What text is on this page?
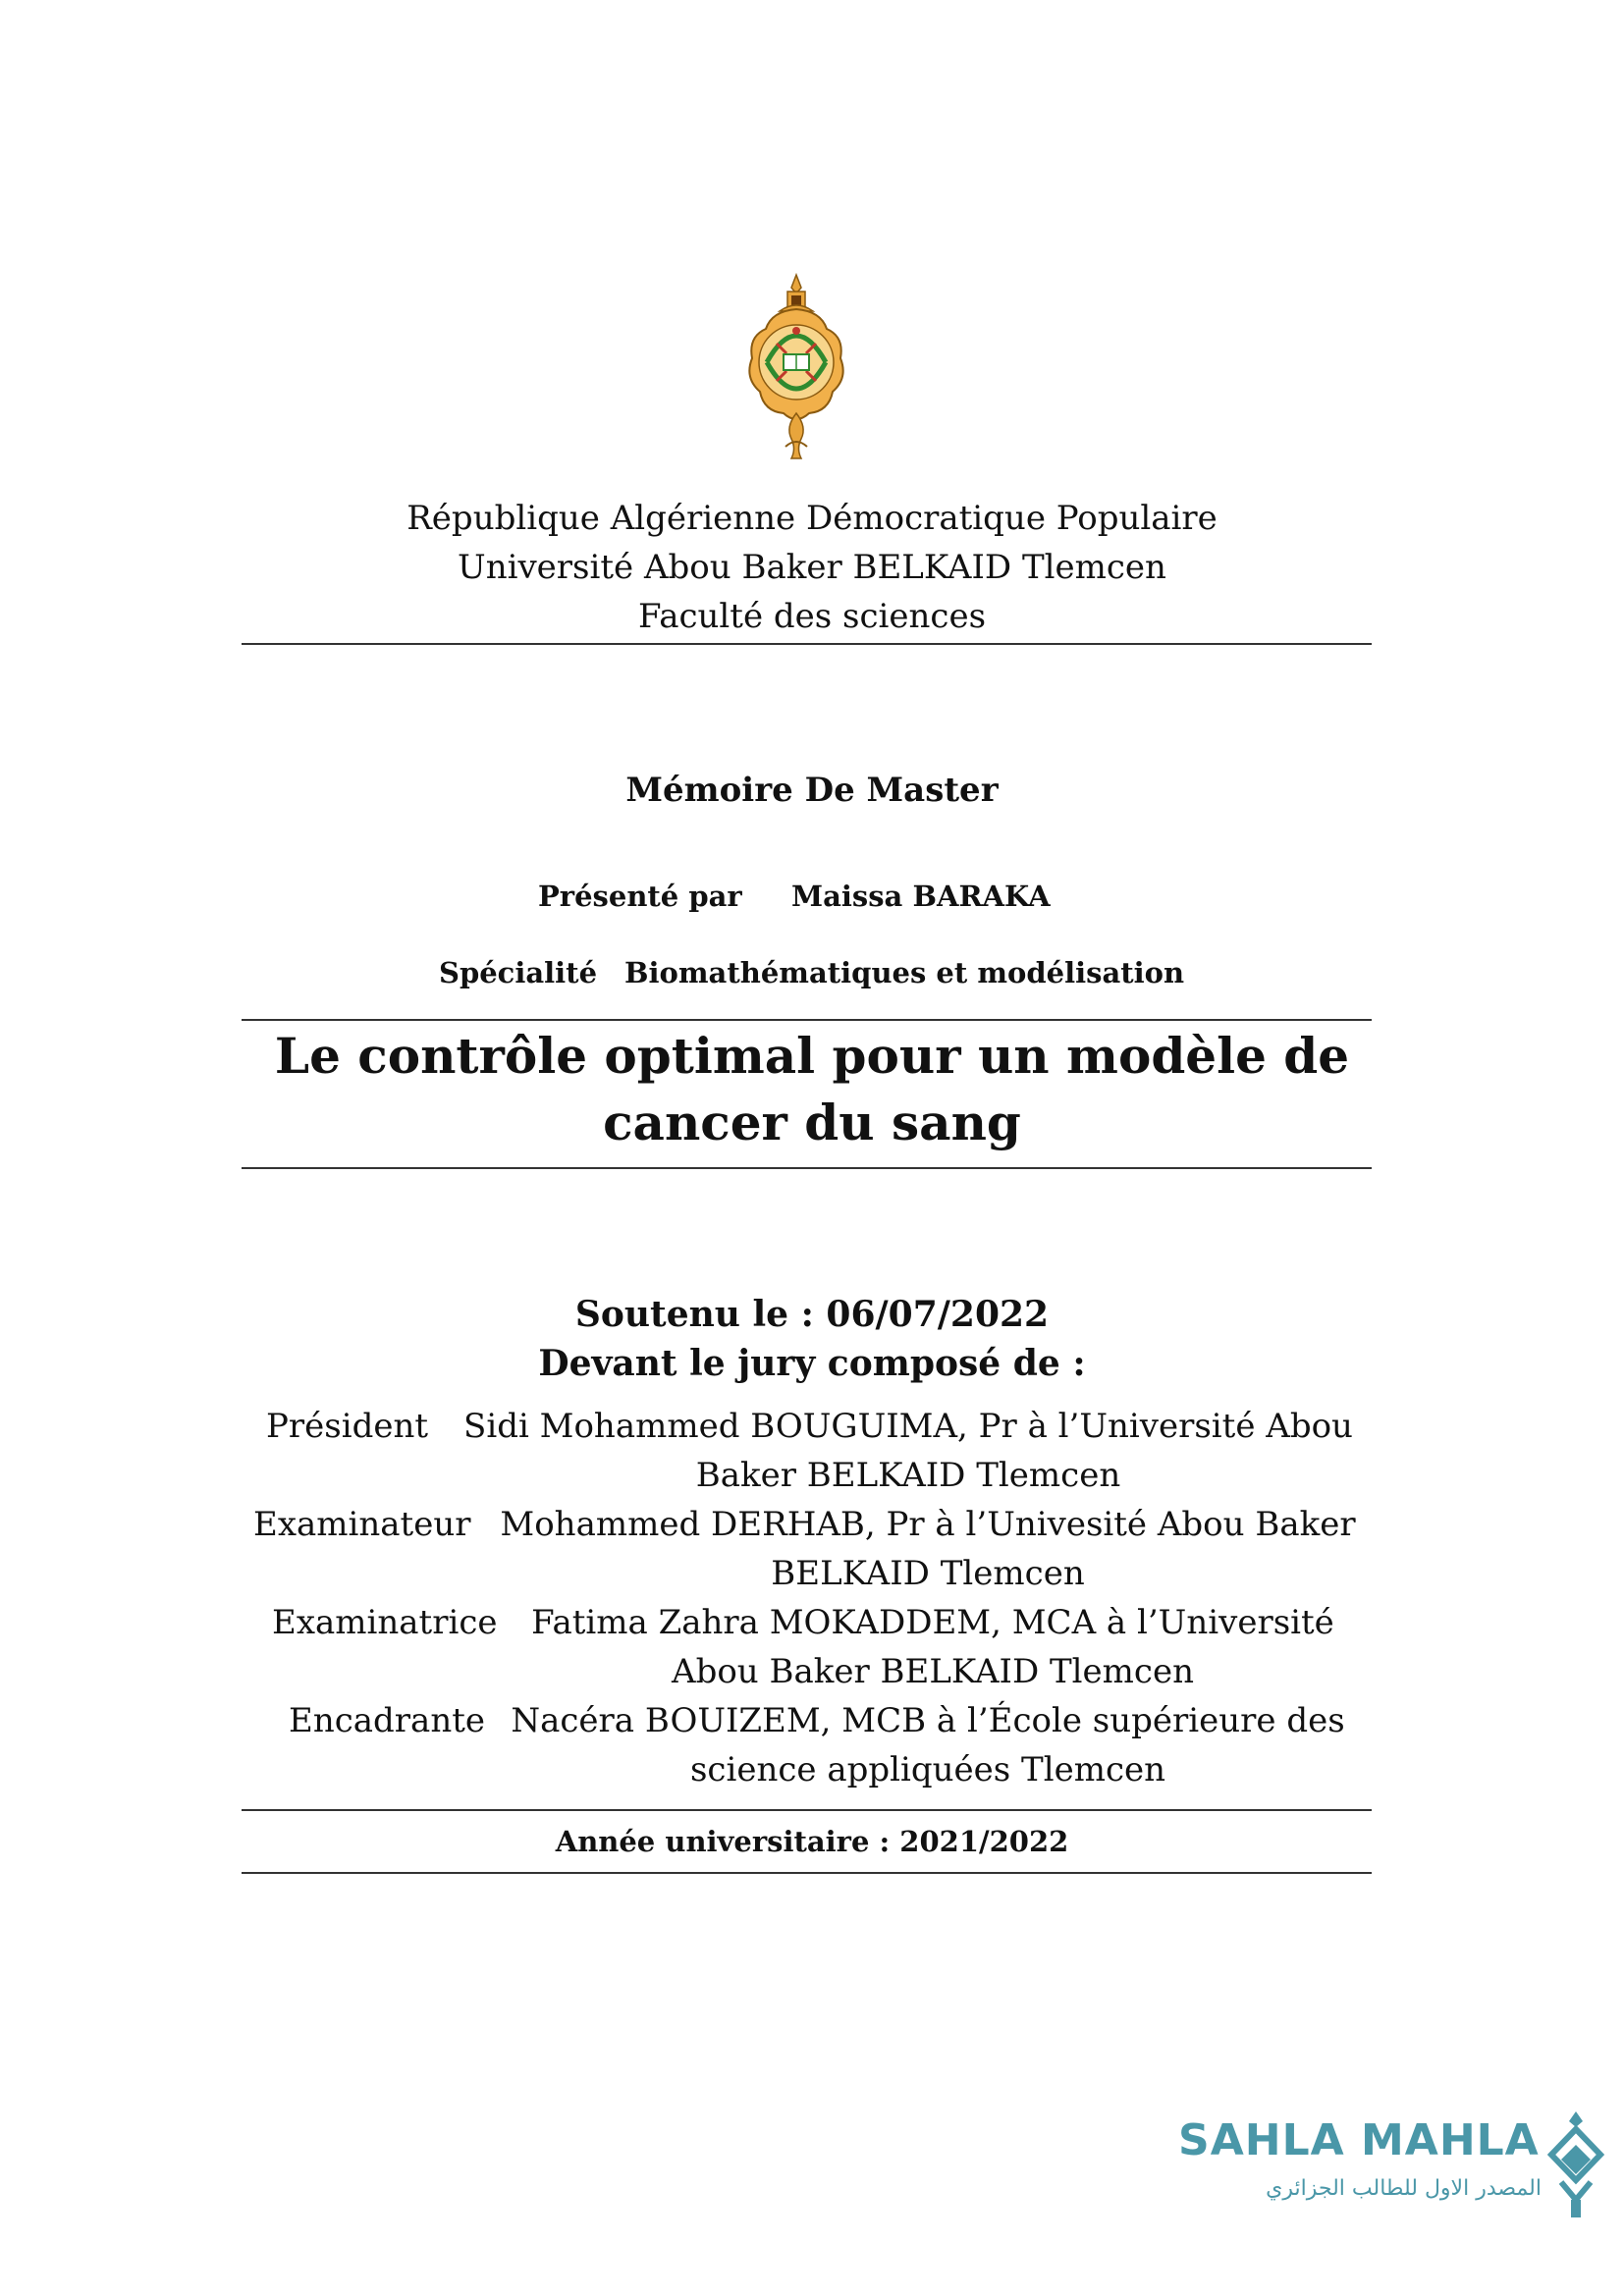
République Algérienne Démocratique Populaire
Université Abou Baker BELKAID Tlemcen
Faculté des sciences
Mémoire De Master
Présenté par Maissa BARAKA
Spécialité Biomathématiques et modélisation
Le contrôle optimal pour un modèle de
cancer du sang
Soutenu le : 06/07/2022
Devant le jury composé de :
Président	Sidi Mohammed BOUGUIMA, Pr à l’Université Abou
Baker BELKAID Tlemcen
Examinateur Mohammed DERHAB, Pr à l’Univesité Abou Baker
BELKAID Tlemcen
Examinatrice	Fatima Zahra MOKADDEM, MCA à l’Université
Abou Baker BELKAID Tlemcen
Encadrante Nacéra BOUIZEM, MCB à l’École supérieure des
science appliquées Tlemcen
Année universitaire : 2021/2022
SAHLA MAHLA
المصدر الاول للطالب الجزائري
